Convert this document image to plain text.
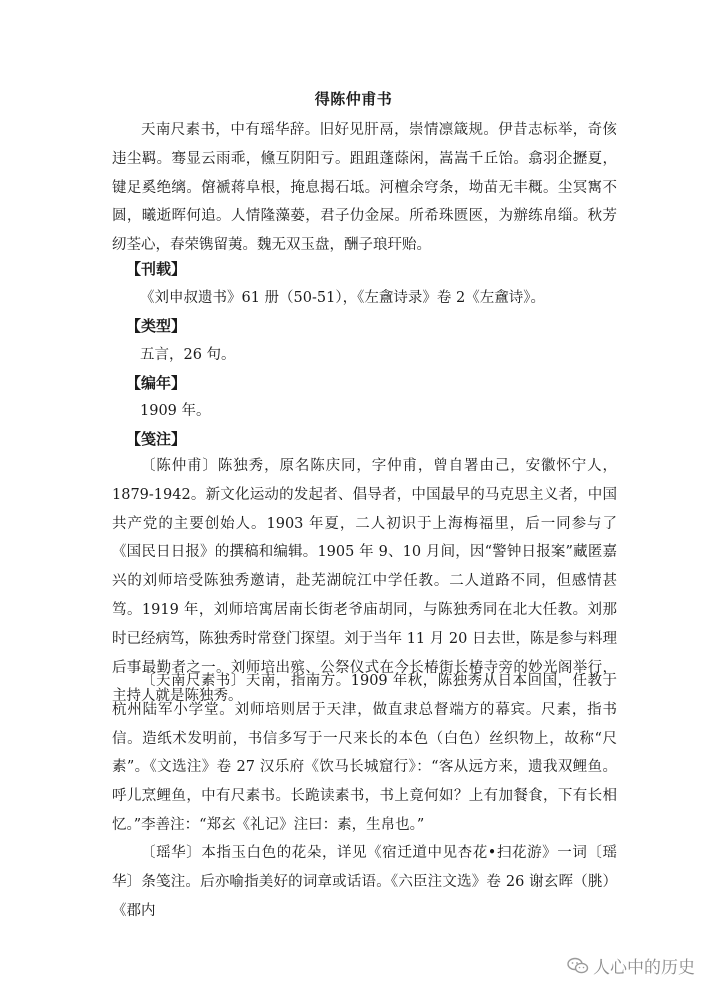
得陈仲甫书

天南尺素书，中有瑶华辞。旧好见肝鬲，崇情凛箴规。伊昔志标举，奇侅违尘羁。骞显云雨乖，儵互阴阳亏。跙跙蓬蒢闲，嵩嵩千丘饴。翕羽企攊夏，键足奚绝缡。僒褫蒋阜根，掩息揭石坻。河檀余穹条，坳苗无丰穊。尘冥寯不圆，曦逝晖何追。人情隆藻蒆，君子仂金屎。所希珠匮匧，为辦练帛缁。秋芳纫荃心，春荣镌留荑。魏无双玉盘，酬子琅玕贻。

【刊载】
《刘申叔遗书》61 册（50-51），《左盦诗录》卷 2《左盦诗》。
【类型】
五言，26 句。
【编年】
1909 年。
【笺注】

〔陈仲甫〕陈独秀，原名陈庆同，字仲甫，曾自署由己，安徽怀宁人，1879-1942。新文化运动的发起者、倡导者，中国最早的马克思主义者，中国共产党的主要创始人。1903 年夏，二人初识于上海梅福里，后一同参与了《国民日日报》的撰稿和编辑。1905 年 9、10 月间，因“警钟日报案”藏匿嘉兴的刘师培受陈独秀邀请，赴芜湖皖江中学任教。二人道路不同，但感情甚笃。1919 年，刘师培寓居南长街老爷庙胡同，与陈独秀同在北大任教。刘那时已经病笃，陈独秀时常登门探望。刘于当年 11 月 20 日去世，陈是参与料理后事最勤者之一。刘师培出殡、公祭仪式在今长椿街长椿寺旁的妙光阁举行，主持人就是陈独秀。

〔天南尺素书〕天南，指南方。1909 年秋，陈独秀从日本回国，任教于杭州陆军小学堂。刘师培则居于天津，做直隶总督端方的幕宾。尺素，指书信。造纸术发明前，书信多写于一尺来长的本色（白色）丝织物上，故称“尺素”。《文选注》卷 27 汉乐府《饮马长城窟行》：“客从远方来，遗我双鲤鱼。呼儿烹鲤鱼，中有尺素书。长跪读素书，书上竟何如？上有加餐食，下有长相忆。”李善注：“郑玄《礼记》注曰：素，生帛也。”

〔瑶华〕本指玉白色的花朵，详见《宿迁道中见杏花•扫花游》一词〔瑶华〕条笺注。后亦喻指美好的词章或话语。《六臣注文选》卷 26 谢玄晖（朓）《郡内

人心中的历史
